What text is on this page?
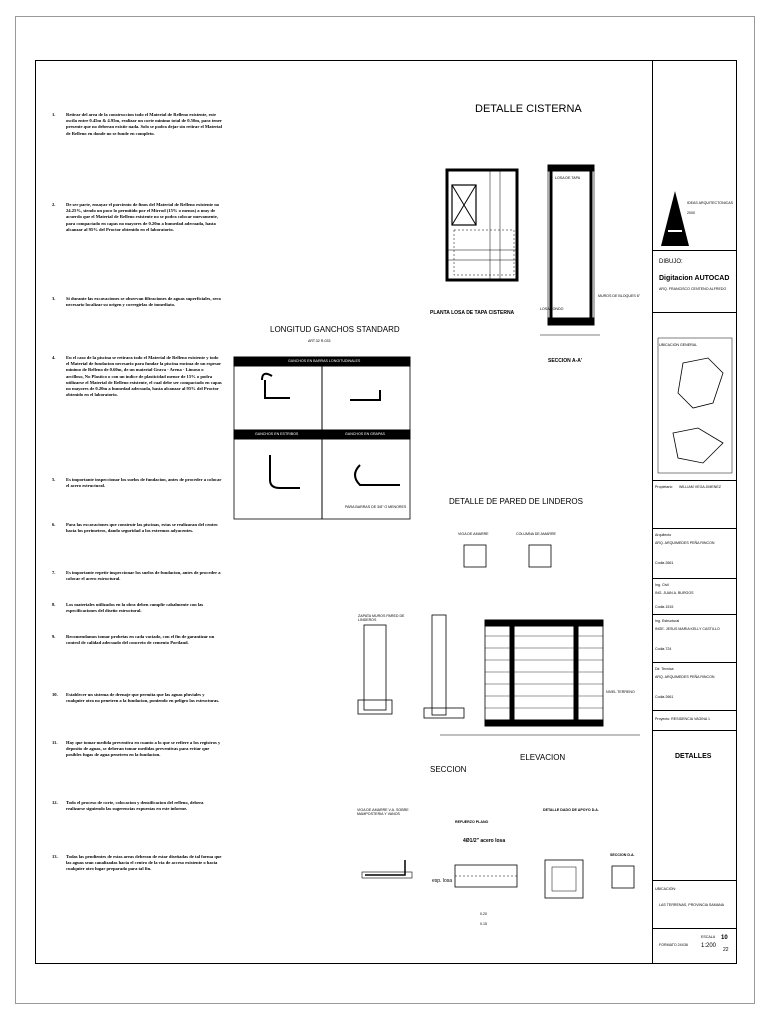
1. Retirar del area de la construccion todo el Material de Relleno existente, este oscila entre 0.45m & 4.95m, realizar un corte minimo total de 0.50m, para tener presente que no deberan existir nada. Solo se podra dejar sin retirar el Material de Relleno en donde no se funde en completo.
2. De ser parte, ensayar el porciento de finos del Material de Relleno existente no 24.25%, siendo un poco lo permitido por el Mirrod (15% o menos) a muy de acuerdo que el Material de Relleno existente no se podra colocar nuevamente, para compactado en capas no mayores de 0.20m a humedad adecuada, hasta alcanzar al 95% del Proctor obtenido en el laboratorio.
3. Si durante las excavaciones se observan filtraciones de aguas superficiales, sera necesario localizar su origen y corregirlas de inmediato.
4. En el caso de la piscina se retirara todo el Material de Relleno existente y todo el Material de fundacion necesario para fundar la piscina encima de un espesor minimo de Relleno de 0.60m, de un material Grava - Arena - Limoso o arcilloso, No Plastico o con un indice de plasticidad menor de 15% o podra utilizarse el Material de Relleno existente, el cual debe ser compactado en capas no mayores de 0.20m a humedad adecuada, hasta alcanzar al 95% del Proctor obtenido en el laboratorio.
5. Es importante inspeccionar los suelos de fundacion, antes de proceder a colocar el acero estructural.
6. Para las excavaciones que construir las piscinas, estas se realizaran del centro hacia los perimetros, dando seguridad a los extremos adyacentes.
7. Es importante repetir inspeccionar los suelos de fundacion, antes de proceder a colocar el acero estructural.
8. Los materiales utilizados en la obra deben cumplir cabalmente con las especificaciones del diseño estructural.
9. Recomendamos tomar probetas en cada vaciado, con el fin de garantizar un control de calidad adecuado del concreto de cemento Portland.
10. Establecer un sistema de drenaje que permita que las aguas pluviales y cualquier otra no penetren a la fundacion, poniendo en peligro las estructuras.
11. Hay que tomar medida preventiva en cuanto a lo que se refiere a los registros y deposito de aguas, se deberan tomar medidas preventivas para evitar que posibles fugas de agua penetren en la fundacion.
12. Todo el proceso de corte, colocacion y densificacion del relleno, debera realizarse siguiendo las sugerencias expuestas en este informe.
13. Todas las pendientes de estas areas deberan de estar diseñadas de tal forma que las aguas sean canalizadas hacia el centro de la via de acceso existente o hacia cualquier otro lugar preparado para tal fin.
DETALLE CISTERNA
PLANTA LOSA DE TAPA CISTERNA
SECCION A-A'
LOSA DE TAPA
LOSA FONDO
MUROS DE BLOQUES 6"
LONGITUD GANCHOS STANDARD
ART.32 R-033
GANCHOS EN BARRAS LONGITUDINALES
GANCHOS EN ESTRIBOS	GANCHOS EN GRAPAS
PARA BARRAS DE 3/8" O MENORES
DETALLE DE PARED DE LINDEROS
VIGA DE AMARRE	COLUMNA DE AMARRE
ZAPATA MUROS PARED DE LINDEROS
SECCION
ELEVACION
NIVEL TERRENO
VIGA DE AMARRE V.A. SOBRE MAMPOSTERIA Y VANOS
REFUERZO PLANO
4Ø1/2" acero losa
DETALLE DADO DE APOYO D.A.
SECCION D.A.
esp. losa
0.20
0.15
IDEAS ARQUITECTONICAS
2000
DIBUJO:
Digitacion AUTOCAD
ARQ. FRANCISCO CENTENO ALFREDO
UBICACION GENERAL
Propietario WILLIAM VEGA JIMENEZ
Arquitecto
ARQ. ARQUIMEDES PEÑA RINCON
Codia 2661
Ing. Civil
ING. JUAN A. BURGOS
Codia 1515
Ing. Estructural
INGE. JESUS MARIA KELLY CASTILLO
Codia 724
Dir. Tecnica
ARQ. ARQUIMEDES PEÑA RINCON
Codia 2661
Proyecto: RESIDENCIA VAGINA 1
DETALLES
UBICACION:
LAS TERRENAS, PROVINCIA SAMANA
FORMATO 24X36
ESCALA
1:200
10
22
